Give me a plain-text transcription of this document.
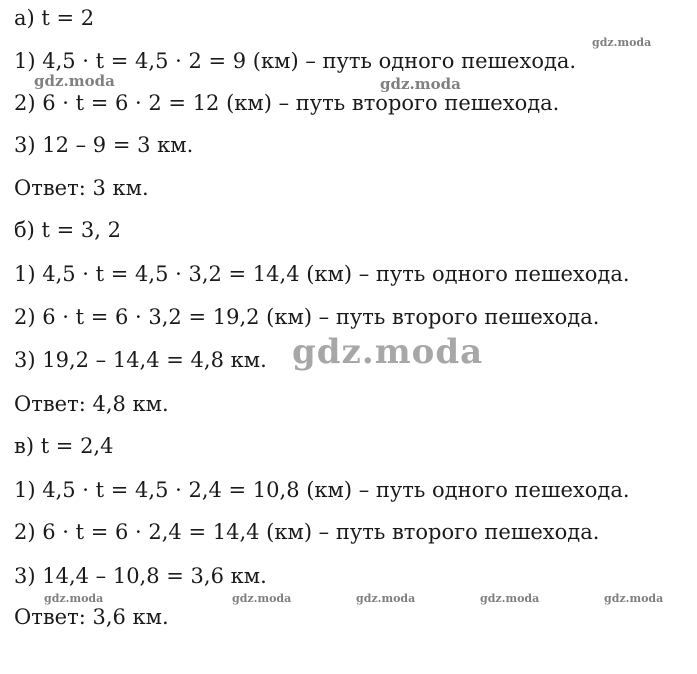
а) t = 2
1) 4,5 · t = 4,5 · 2 = 9 (км) – путь одного пешехода.
2) 6 · t = 6 · 2 = 12 (км) – путь второго пешехода.
3) 12 – 9 = 3 км.
Ответ: 3 км.
б) t = 3, 2
1) 4,5 · t = 4,5 · 3,2 = 14,4 (км) – путь одного пешехода.
2) 6 · t = 6 · 3,2 = 19,2 (км) – путь второго пешехода.
3) 19,2 – 14,4 = 4,8 км.
Ответ: 4,8 км.
в) t = 2,4
1) 4,5 · t = 4,5 · 2,4 = 10,8 (км) – путь одного пешехода.
2) 6 · t = 6 · 2,4 = 14,4 (км) – путь второго пешехода.
3) 14,4 – 10,8 = 3,6 км.
Ответ: 3,6 км.
gdz.moda
gdz.moda	gdz.moda
gdz.moda
gdz.moda	gdz.moda	gdz.moda	gdz.moda	gdz.moda
